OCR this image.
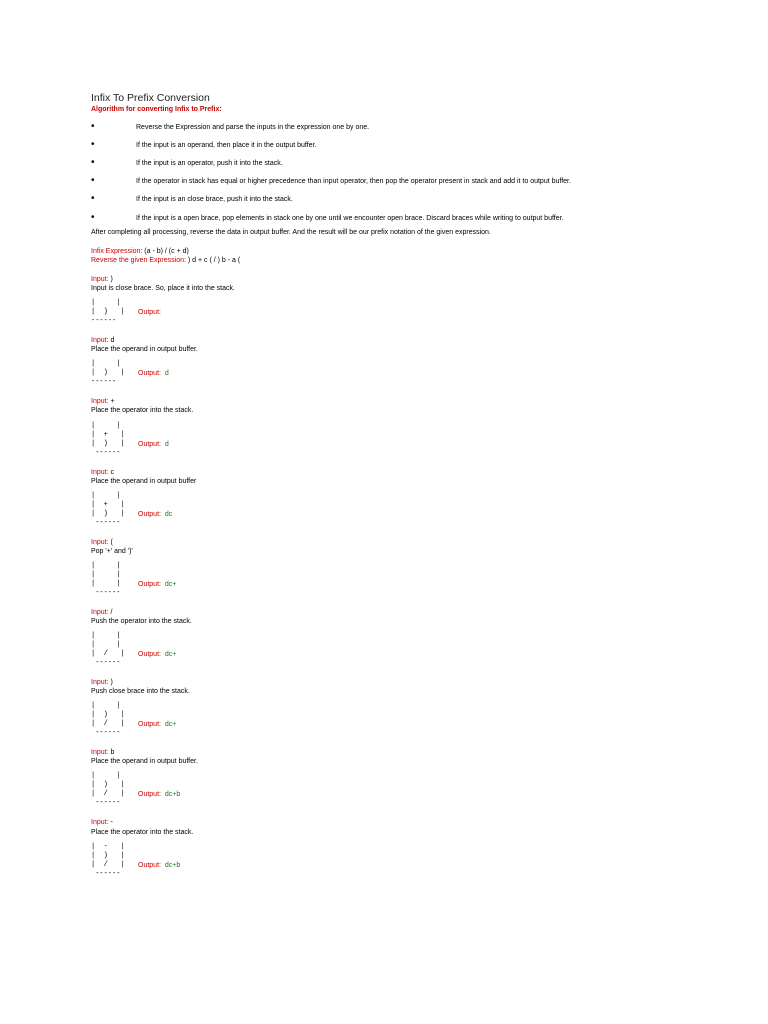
Infix To Prefix Conversion
Algorithm for converting Infix to Prefix:
•	Reverse the Expression and parse the inputs in the expression one by one.
•	If the input is an operand, then place it in the output buffer.
•	If the input is an operator, push it into the stack.
•	If the operator in stack has equal or higher precedence than input operator, then pop the operator present in stack and add it to output buffer.
•	If the input is an close brace, push it into the stack.
•	If the input is a open brace, pop elements in stack one by one until we encounter open brace. Discard braces while writing to output buffer.
After completing all processing, reverse the data in output buffer. And the result will be our prefix notation of the given expression.
Infix Expression: (a - b) / (c + d)
Reverse the given Expression: ) d + c ( / ) b - a (
Input: )
Input is close brace. So, place it into the stack.
|     |
|  )   | Output:
------
Input: d
Place the operand in output buffer.
|     |
|  )   | Output: d
------
Input: +
Place the operator into the stack.
|     |
|  +   |
|  )   | Output: d
------
Input: c
Place the operand in output buffer
|     |
|  +   |
|  )   | Output: dc
------
Input: (
Pop '+' and ')'
|     |
|     |
|     |	Output: dc+
------
Input: /
Push the operator into the stack.
|     |
|     |
|  /   | Output: dc+
------
Input: )
Push close brace into the stack.
|     |
|  )   |
|  /   | Output: dc+
------
Input: b
Place the operand in output buffer.
|     |
|  )   |
|  /   | Output: dc+b
------
Input: -
Place the operator into the stack.
|  -   |
|  )   |
|  /   | Output: dc+b
------
